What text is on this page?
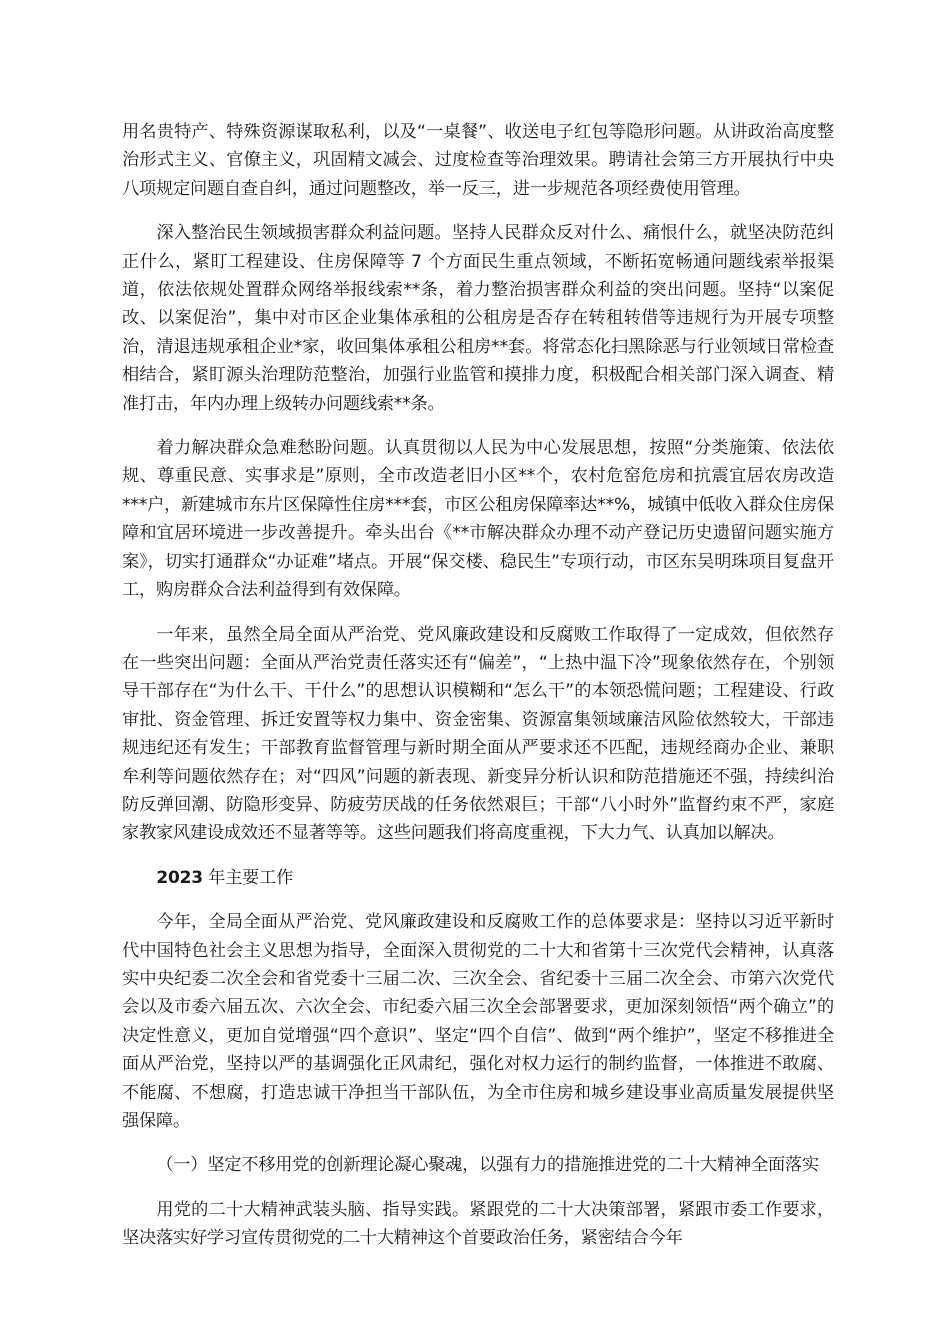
用名贵特产、特殊资源谋取私利，以及“一桌餐”、收送电子红包等隐形问题。从讲政治高度整治形式主义、官僚主义，巩固精文减会、过度检查等治理效果。聘请社会第三方开展执行中央八项规定问题自查自纠，通过问题整改，举一反三，进一步规范各项经费使用管理。

深入整治民生领域损害群众利益问题。坚持人民群众反对什么、痛恨什么，就坚决防范纠正什么，紧盯工程建设、住房保障等 7 个方面民生重点领域，不断拓宽畅通问题线索举报渠道，依法依规处置群众网络举报线索**条，着力整治损害群众利益的突出问题。坚持“以案促改、以案促治”，集中对市区企业集体承租的公租房是否存在转租转借等违规行为开展专项整治，清退违规承租企业*家，收回集体承租公租房**套。将常态化扫黑除恶与行业领域日常检查相结合，紧盯源头治理防范整治，加强行业监管和摸排力度，积极配合相关部门深入调查、精准打击，年内办理上级转办问题线索**条。

着力解决群众急难愁盼问题。认真贯彻以人民为中心发展思想，按照“分类施策、依法依规、尊重民意、实事求是”原则，全市改造老旧小区**个，农村危窑危房和抗震宜居农房改造***户，新建城市东片区保障性住房***套，市区公租房保障率达**%，城镇中低收入群众住房保障和宜居环境进一步改善提升。牵头出台《**市解决群众办理不动产登记历史遗留问题实施方案》，切实打通群众“办证难”堵点。开展“保交楼、稳民生”专项行动，市区东吴明珠项目复盘开工，购房群众合法利益得到有效保障。

一年来，虽然全局全面从严治党、党风廉政建设和反腐败工作取得了一定成效，但依然存在一些突出问题：全面从严治党责任落实还有“偏差”，“上热中温下冷”现象依然存在，个别领导干部存在“为什么干、干什么”的思想认识模糊和“怎么干”的本领恐慌问题；工程建设、行政审批、资金管理、拆迁安置等权力集中、资金密集、资源富集领域廉洁风险依然较大，干部违规违纪还有发生；干部教育监督管理与新时期全面从严要求还不匹配，违规经商办企业、兼职牟利等问题依然存在；对“四风”问题的新表现、新变异分析认识和防范措施还不强，持续纠治防反弹回潮、防隐形变异、防疲劳厌战的任务依然艰巨；干部“八小时外”监督约束不严，家庭家教家风建设成效还不显著等等。这些问题我们将高度重视，下大力气、认真加以解决。

2023 年主要工作

今年，全局全面从严治党、党风廉政建设和反腐败工作的总体要求是：坚持以习近平新时代中国特色社会主义思想为指导，全面深入贯彻党的二十大和省第十三次党代会精神，认真落实中央纪委二次全会和省党委十三届二次、三次全会、省纪委十三届二次全会、市第六次党代会以及市委六届五次、六次全会、市纪委六届三次全会部署要求，更加深刻领悟“两个确立”的决定性意义，更加自觉增强“四个意识”、坚定“四个自信”、做到“两个维护”，坚定不移推进全面从严治党，坚持以严的基调强化正风肃纪，强化对权力运行的制约监督，一体推进不敢腐、不能腐、不想腐，打造忠诚干净担当干部队伍，为全市住房和城乡建设事业高质量发展提供坚强保障。

（一）坚定不移用党的创新理论凝心聚魂，以强有力的措施推进党的二十大精神全面落实

用党的二十大精神武装头脑、指导实践。紧跟党的二十大决策部署，紧跟市委工作要求，坚决落实好学习宣传贯彻党的二十大精神这个首要政治任务，紧密结合今年
